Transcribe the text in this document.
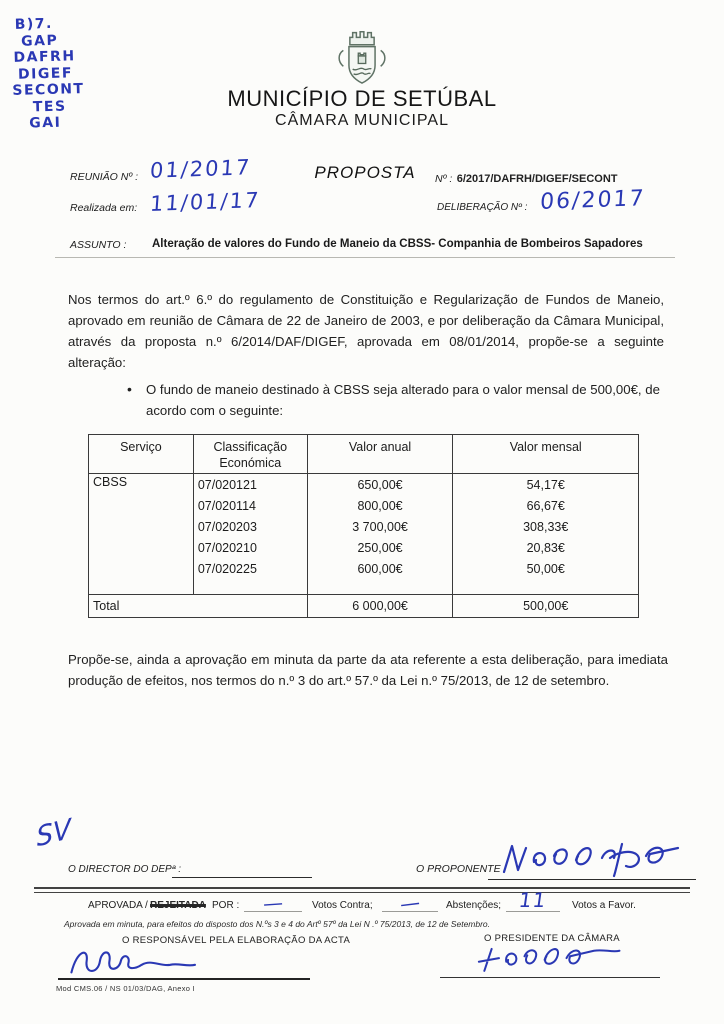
B)7.
GAP
DAFRH
DIGEF
SECONT
TES
GAI
MUNICÍPIO DE SETÚBAL
CÂMARA MUNICIPAL
REUNIÃO Nº : 01/2017	PROPOSTA	Nº : 6/2017/DAFRH/DIGEF/SECONT
Realizada em: 11/01/17	DELIBERAÇÃO Nº : 06/2017
ASSUNTO : Alteração de valores do Fundo de Maneio da CBSS- Companhia de Bombeiros Sapadores
Nos termos do art.º 6.º do regulamento de Constituição e Regularização de Fundos de Maneio, aprovado em reunião de Câmara de 22 de Janeiro de 2003, e por deliberação da Câmara Municipal, através da proposta n.º 6/2014/DAF/DIGEF, aprovada em 08/01/2014, propõe-se a seguinte alteração:
• O fundo de maneio destinado à CBSS seja alterado para o valor mensal de 500,00€, de acordo com o seguinte:
Serviço	Classificação Económica	Valor anual	Valor mensal
CBSS	07/020121	650,00€	54,17€
	07/020114	800,00€	66,67€
	07/020203	3 700,00€	308,33€
	07/020210	250,00€	20,83€
	07/020225	600,00€	50,00€

Total		6 000,00€	500,00€
Propõe-se, ainda a aprovação em minuta da parte da ata referente a esta deliberação, para imediata produção de efeitos, nos termos do n.º 3 do art.º 57.º da Lei n.º 75/2013, de 12 de setembro.
SV
O DIRECTOR DO DEPª :	O PROPONENTE :
APROVADA / REJEITADA POR :	—	Votos Contra;	—	Abstenções; 11	Votos a Favor.
Aprovada em minuta, para efeitos do disposto dos N.ºs 3 e 4 do Artº 57º da Lei N .º 75/2013, de 12 de Setembro.
O RESPONSÁVEL PELA ELABORAÇÃO DA ACTA	O PRESIDENTE DA CÂMARA
Mod CMS.06 / NS 01/03/DAG, Anexo I
